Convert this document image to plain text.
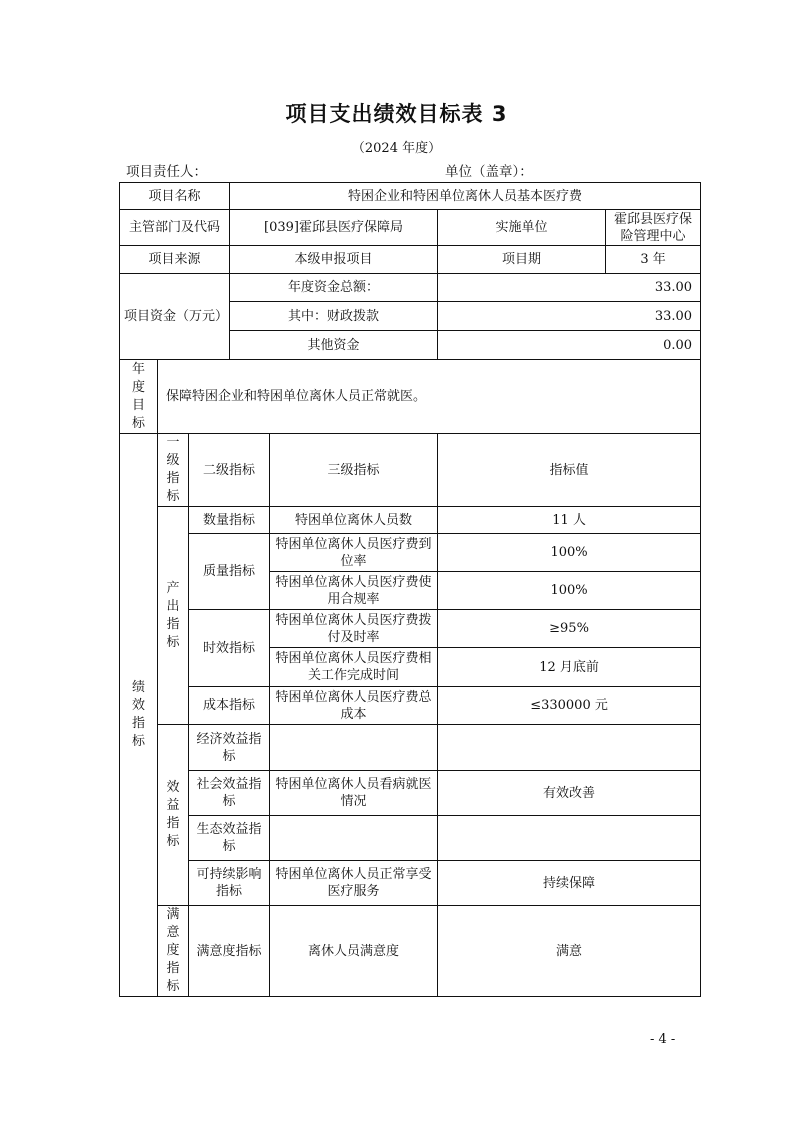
项目支出绩效目标表 3
（2024 年度）
项目责任人：	单位（盖章）：
项目名称			特困企业和特困单位离休人员基本医疗费			
主管部门及代码			[039]霍邱县医疗保障局		实施单位	霍邱县医疗保险管理中心
项目来源			本级申报项目		项目期	3 年
项目资金（万元）			年度资金总额：		33.00	
			其中：财政拨款		33.00	
			其他资金		0.00	

年度目标	保障特困企业和特困单位离休人员正常就医。					

绩效指标	一级指标	二级指标		三级指标	指标值	

	产出指标	数量指标		特困单位离休人员数	11 人	
		质量指标		特困单位离休人员医疗费到位率	100%	
				特困单位离休人员医疗费使用合规率	100%	
		时效指标		特困单位离休人员医疗费拨付及时率	≥95%	
				特困单位离休人员医疗费相关工作完成时间	12 月底前	
		成本指标		特困单位离休人员医疗费总成本	≤330000 元	

	效益指标	经济效益指标				
		社会效益指标		特困单位离休人员看病就医情况	有效改善	
		生态效益指标				
		可持续影响指标		特困单位离休人员正常享受医疗服务	持续保障	

	满意度指标	满意度指标		离休人员满意度	满意	
- 4 -
